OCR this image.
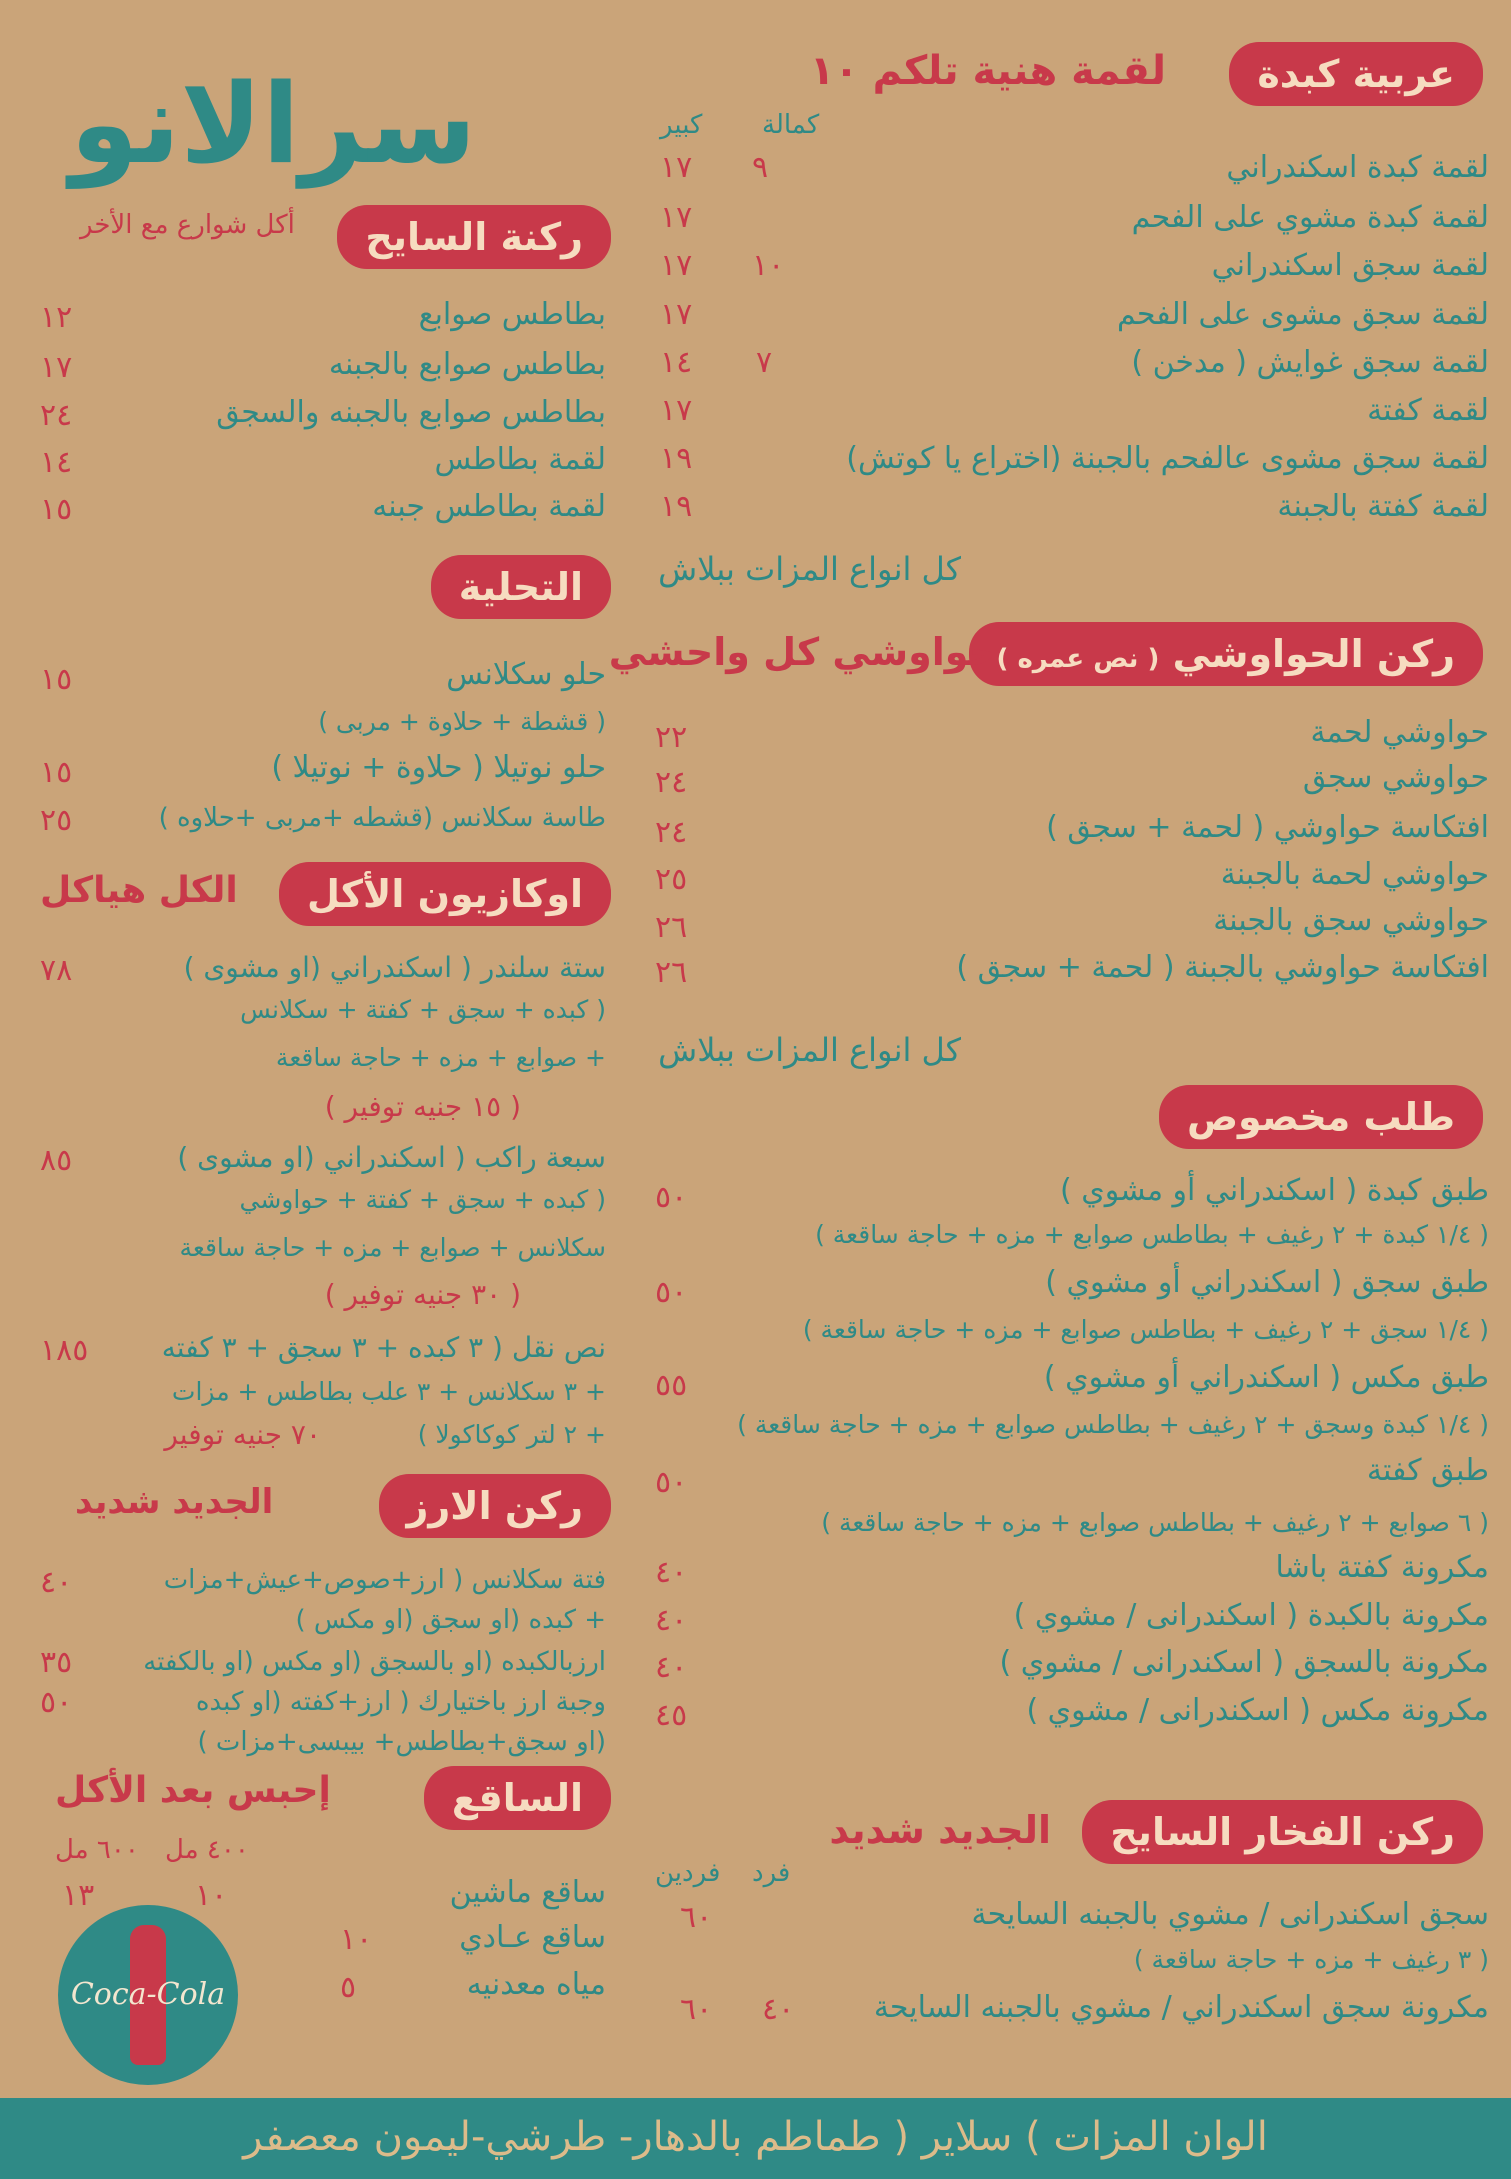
عربية كبدة
لقمة هنية تلكم ١٠
كمالة
كبير
لقمة كبدة اسكندراني
٩
١٧
لقمة كبدة مشوي على الفحم
١٧
لقمة سجق اسكندراني
١٠
١٧
لقمة سجق مشوى على الفحم
١٧
لقمة سجق غوايش ( مدخن )
٧
١٤
لقمة كفتة
١٧
لقمة سجق مشوى عالفحم بالجبنة (اختراع يا كوتش)
١٩
لقمة كفتة بالجبنة
١٩
كل انواع المزات ببلاش
ركن الحواوشي ( نص عمره )
حواوشي كل واحشي
حواوشي لحمة
٢٢
حواوشي سجق
٢٤
افتكاسة حواوشي ( لحمة + سجق )
٢٤
حواوشي لحمة بالجبنة
٢٥
حواوشي سجق بالجبنة
٢٦
افتكاسة حواوشي بالجبنة ( لحمة + سجق )
٢٦
كل انواع المزات ببلاش
طلب مخصوص
طبق كبدة ( اسكندراني أو مشوي )
٥٠
( ١/٤ كبدة + ٢ رغيف + بطاطس صوابع + مزه + حاجة ساقعة )
طبق سجق ( اسكندراني أو مشوي )
٥٠
( ١/٤ سجق + ٢ رغيف + بطاطس صوابع + مزه + حاجة ساقعة )
طبق مكس ( اسكندراني أو مشوي )
٥٥
( ١/٤ كبدة وسجق + ٢ رغيف + بطاطس صوابع + مزه + حاجة ساقعة )
طبق كفتة
٥٠
( ٦ صوابع + ٢ رغيف + بطاطس صوابع + مزه + حاجة ساقعة )
مكرونة كفتة باشا
٤٠
مكرونة بالكبدة ( اسكندرانى / مشوي )
٤٠
مكرونة بالسجق ( اسكندرانى / مشوي )
٤٠
مكرونة مكس ( اسكندرانى / مشوي )
٤٥
ركن الفخار السايح
الجديد شديد
فرد
فردين
سجق اسكندرانى / مشوي بالجبنه السايحة
٦٠
( ٣ رغيف + مزه + حاجة ساقعة )
مكرونة سجق اسكندراني / مشوي بالجبنه السايحة
٤٠
٦٠
سرالانو
أكل شوارع مع الأخر	ركنة السايح
بطاطس صوابع
١٢
بطاطس صوابع بالجبنه
١٧
بطاطس صوابع بالجبنه والسجق
٢٤
لقمة بطاطس
١٤
لقمة بطاطس جبنه
١٥
التحلية
حلو سكلانس
١٥
( قشطة + حلاوة + مربى )
حلو نوتيلا ( حلاوة + نوتيلا )
١٥
طاسة سكلانس (قشطه +مربى +حلاوه )
٢٥
اوكازيون الأكل
الكل هياكل
ستة سلندر ( اسكندراني (او مشوى )
( كبده + سجق + كفتة + سكلانس
+ صوابع + مزه + حاجة ساقعة
( ١٥ جنيه توفير )
٧٨
سبعة راكب ( اسكندراني (او مشوى )
( كبده + سجق + كفتة + حواوشي
سكلانس + صوابع + مزه + حاجة ساقعة
( ٣٠ جنيه توفير )
٨٥
نص نقل ( ٣ كبده + ٣ سجق + ٣ كفته
+ ٣ سكلانس + ٣ علب بطاطس + مزات
+ ٢ لتر كوكاكولا )
٧٠ جنيه توفير
١٨٥
ركن الارز
الجديد شديد
فتة سكلانس ( ارز+صوص+عيش+مزات
+ كبده (او سجق (او مكس )
٤٠
ارزبالكبده (او بالسجق (او مكس (او بالكفته
٣٥
وجبة ارز باختيارك ( ارز+كفته (او كبده
(او سجق+بطاطس+ بيبسى+مزات )
٥٠
الساقع
إحبس بعد الأكل
٤٠٠ مل
٦٠٠ مل
ساقع ماشين
١٠
١٣
ساقع عـادي
١٠
مياه معدنيه
٥
Coca-Cola
الوان المزات ) سلاير ( طماطم بالدهار- طرشي-ليمون معصفر
